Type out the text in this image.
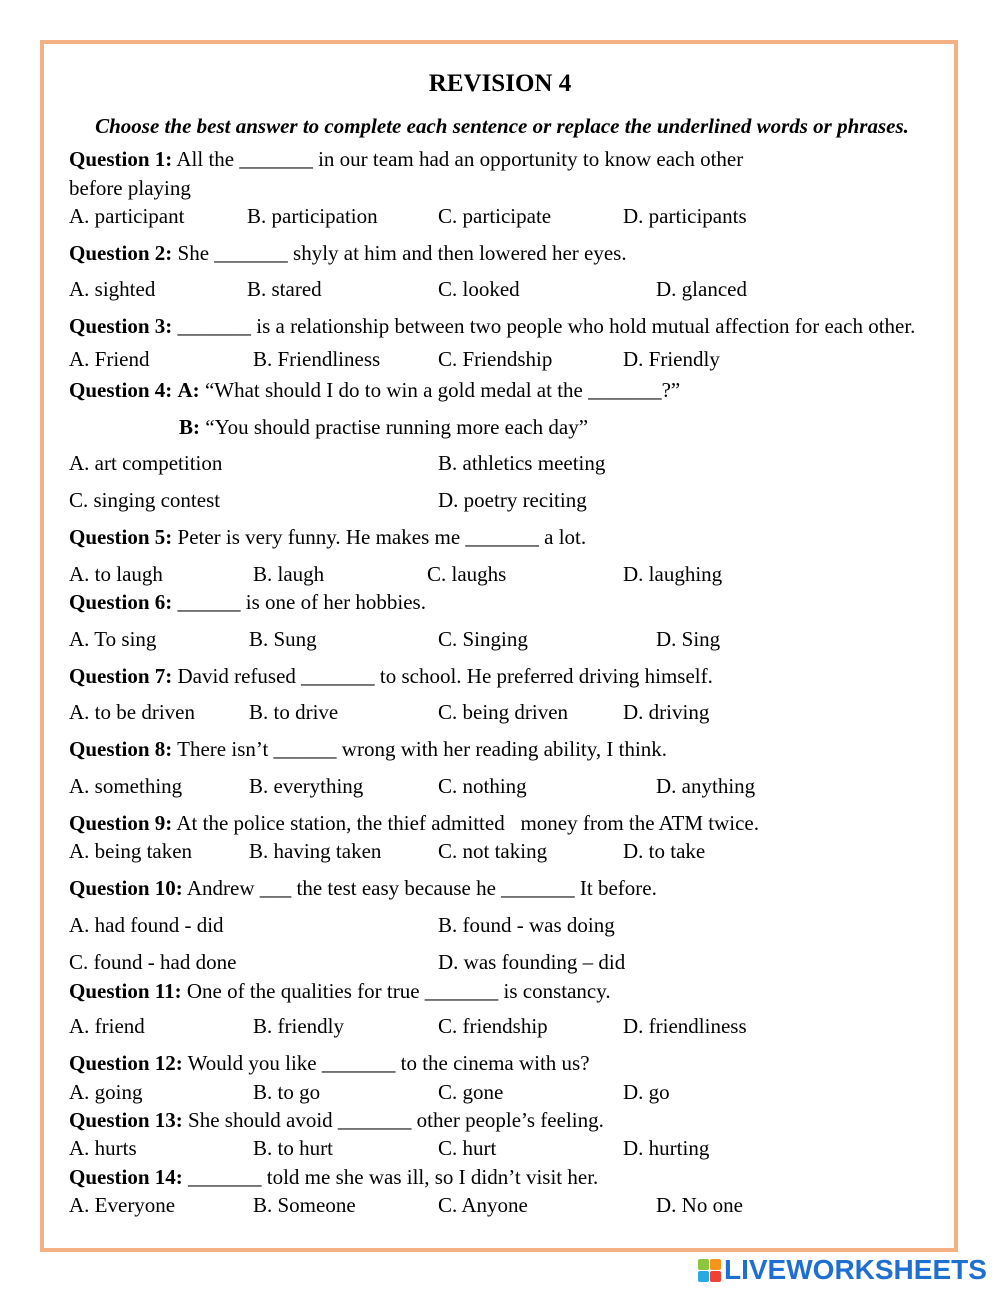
REVISION 4
Choose the best answer to complete each sentence or replace the underlined words or phrases.
Question 1: All the _______ in our team had an opportunity to know each other
before playing
A. participant	B. participation	C. participate	D. participants
Question 2: She _______ shyly at him and then lowered her eyes.
A. sighted	B. stared	C. looked	D. glanced
Question 3: _______ is a relationship between two people who hold mutual affection for each other.
A. Friend	B. Friendliness	C. Friendship	D. Friendly
Question 4: A: “What should I do to win a gold medal at the _______?”
B: “You should practise running more each day”
A. art competition	B. athletics meeting
C. singing contest	D. poetry reciting
Question 5: Peter is very funny. He makes me _______ a lot.
A. to laugh	B. laugh	C. laughs	D. laughing
Question 6: ______ is one of her hobbies.
A. To sing	B. Sung	C. Singing	D. Sing
Question 7: David refused _______ to school. He preferred driving himself.
A. to be driven	B. to drive	C. being driven	D. driving
Question 8: There isn’t ______ wrong with her reading ability, I think.
A. something	B. everything	C. nothing	D. anything
Question 9: At the police station, the thief admitted   money from the ATM twice.
A. being taken	B. having taken	C. not taking	D. to take
Question 10: Andrew ___ the test easy because he _______ It before.
A. had found - did	B. found - was doing
C. found - had done	D. was founding – did
Question 11: One of the qualities for true _______ is constancy.
A. friend	B. friendly	C. friendship	D. friendliness
Question 12: Would you like _______ to the cinema with us?
A. going	B. to go	C. gone	D. go
Question 13: She should avoid _______ other people’s feeling.
A. hurts	B. to hurt	C. hurt	D. hurting
Question 14: _______ told me she was ill, so I didn’t visit her.
A. Everyone	B. Someone	C. Anyone	D. No one
LIVEWORKSHEETS
